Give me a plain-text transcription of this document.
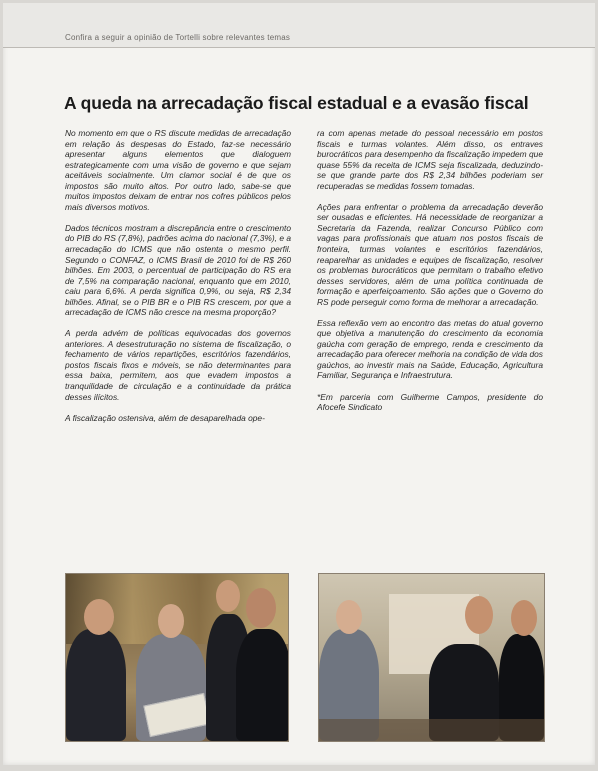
Confira a seguir a opinião de Tortelli sobre relevantes temas
A queda na arrecadação fiscal estadual e a evasão fiscal

No momento em que o RS discute medidas de arrecadação em relação às despesas do Estado, faz-se necessário apresentar alguns elementos que dialoguem estrategicamente com uma visão de governo e que sejam aceitáveis socialmente. Um clamor social é de que os impostos são muito altos. Por outro lado, sabe-se que muitos impostos deixam de entrar nos cofres públicos pelos mais diversos motivos.

Dados técnicos mostram a discrepância entre o crescimento do PIB do RS (7,8%), padrões acima do nacional (7,3%), e a arrecadação do ICMS que não ostenta o mesmo perfil. Segundo o CONFAZ, o ICMS Brasil de 2010 foi de R$ 260 bilhões. Em 2003, o percentual de participação do RS era de 7,5% na comparação nacional, enquanto que em 2010, caiu para 6,6%. A perda significa 0,9%, ou seja, R$ 2,34 bilhões. Afinal, se o PIB BR e o PIB RS crescem, por que a arrecadação de ICMS não cresce na mesma proporção?

A perda advém de políticas equivocadas dos governos anteriores. A desestruturação no sistema de fiscalização, o fechamento de vários repartições, escritórios fazendários, postos fiscais fixos e móveis, se não determinantes para essa baixa, permitem, aos que evadem impostos a tranquilidade de circulação e a continuidade da prática desses ilícitos.

A fiscalização ostensiva, além de desaparelhada ope-

ra com apenas metade do pessoal necessário em postos fiscais e turmas volantes. Além disso, os entraves burocráticos para desempenho da fiscalização impedem que quase 55% da receita de ICMS seja fiscalizada, deduzindo-se que grande parte dos R$ 2,34 bilhões poderiam ser recuperadas se medidas fossem tomadas.

Ações para enfrentar o problema da arrecadação deverão ser ousadas e eficientes. Há necessidade de reorganizar a Secretaria da Fazenda, realizar Concurso Público com vagas para profissionais que atuam nos postos fiscais de fronteira, turmas volantes e escritórios fazendários, reaparelhar as unidades e equipes de fiscalização, resolver os problemas burocráticos que permitam o trabalho efetivo desses servidores, além de uma política continuada de formação e aperfeiçoamento. São ações que o Governo do RS pode perseguir como forma de melhorar a arrecadação.

Essa reflexão vem ao encontro das metas do atual governo que objetiva a manutenção do crescimento da economia gaúcha com geração de emprego, renda e crescimento da arrecadação para oferecer melhoria na condição de vida dos gaúchos, ao investir mais na Saúde, Educação, Agricultura Familiar, Segurança e Infraestrutura.

*Em parceria com Guilherme Campos, presidente do Afocefe Sindicato
